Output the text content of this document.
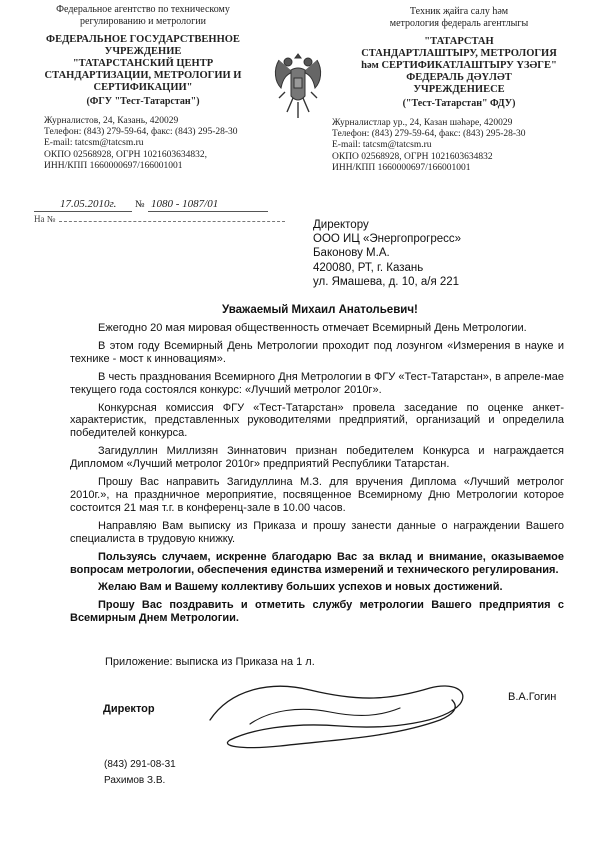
Федеральное агентство по техническому
регулированию и метрологии
ФЕДЕРАЛЬНОЕ ГОСУДАРСТВЕННОЕ
УЧРЕЖДЕНИЕ
"ТАТАРСТАНСКИЙ ЦЕНТР
СТАНДАРТИЗАЦИИ, МЕТРОЛОГИИ И
СЕРТИФИКАЦИИ"
(ФГУ "Тест-Татарстан")
Журналистов, 24, Казань, 420029
Телефон: (843) 279-59-64, факс: (843) 295-28-30
E-mail: tatcsm@tatcsm.ru
ОКПО 02568928, ОГРН 1021603634832,
ИНН/КПП 1660000697/166001001
Техник җайга салу һәм
метрология федераль агентлыгы
"ТАТАРСТАН
СТАНДАРТЛАШТЫРУ, МЕТРОЛОГИЯ
һәм СЕРТИФИКАТЛАШТЫРУ ҮЗӘГЕ"
ФЕДЕРАЛЬ ДӘҮЛӘТ
УЧРЕЖДЕНИЕСЕ
("Тест-Татарстан" ФДУ)
Журналистлар ур., 24, Казан шәһәре, 420029
Телефон: (843) 279-59-64, факс: (843) 295-28-30
E-mail: tatcsm@tatcsm.ru
ОКПО 02568928, ОГРН 1021603634832
ИНН/КПП 1660000697/166001001
17.05.2010г. № 1080 - 1087/01
На №	Директору
ООО ИЦ «Энергопрогресс»
Баконову М.А.
420080, РТ, г. Казань
ул. Ямашева, д. 10, а/я 221
Уважаемый Михаил Анатольевич!

Ежегодно 20 мая мировая общественность отмечает Всемирный День Метрологии.

В этом году Всемирный День Метрологии проходит под лозунгом «Измерения в науке и технике - мост к инновациям».

В честь празднования Всемирного Дня Метрологии в ФГУ «Тест-Татарстан», в апреле-мае текущего года состоялся конкурс: «Лучший метролог 2010г».

Конкурсная комиссия ФГУ «Тест-Татарстан» провела заседание по оценке анкет-характеристик, представленных руководителями предприятий, организаций и определила победителей конкурса.

Загидуллин Миллизян Зиннатович признан победителем Конкурса и награждается Дипломом «Лучший метролог 2010г» предприятий Республики Татарстан.

Прошу Вас направить Загидуллина М.З. для вручения Диплома «Лучший метролог 2010г.», на праздничное мероприятие, посвященное Всемирному Дню Метрологии которое состоится 21 мая т.г. в конференц-зале в 10.00 часов.

Направляю Вам выписку из Приказа и прошу занести данные о награждении Вашего специалиста в трудовую книжку.

Пользуясь случаем, искренне благодарю Вас за вклад и внимание, оказываемое вопросам метрологии, обеспечения единства измерений и технического регулирования.

Желаю Вам и Вашему коллективу больших успехов и новых достижений.

Прошу Вас поздравить и отметить службу метрологии Вашего предприятия с Всемирным Днем Метрологии.

Приложение: выписка из Приказа на 1 л.
Директор
В.А.Гогин
(843) 291-08-31
Рахимов З.В.
